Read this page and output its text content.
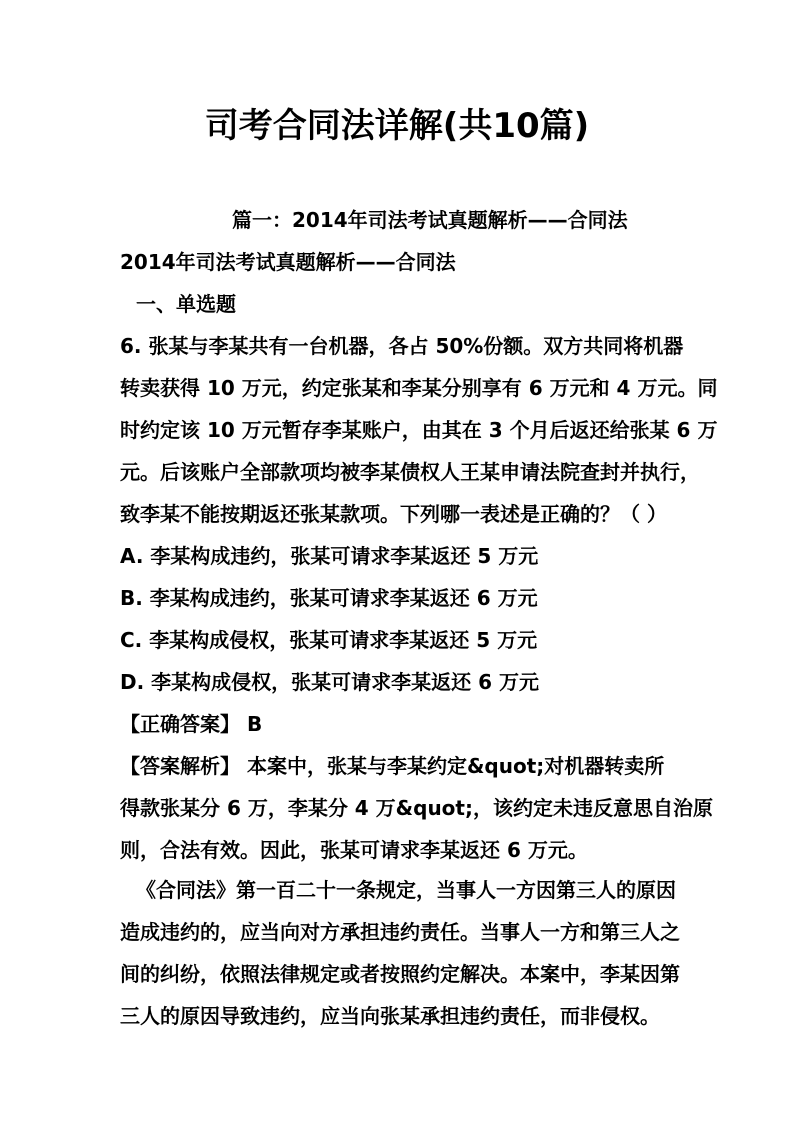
司考合同法详解(共10篇)
篇一：2014年司法考试真题解析——合同法
2014年司法考试真题解析——合同法
一、单选题
6. 张某与李某共有一台机器，各占 50%份额。双方共同将机器
转卖获得 10 万元，约定张某和李某分别享有 6 万元和 4 万元。同
时约定该 10 万元暂存李某账户，由其在 3 个月后返还给张某 6 万
元。后该账户全部款项均被李某债权人王某申请法院查封并执行，
致李某不能按期返还张某款项。下列哪一表述是正确的？（ ）
A. 李某构成违约，张某可请求李某返还 5 万元
B. 李某构成违约，张某可请求李某返还 6 万元
C. 李某构成侵权，张某可请求李某返还 5 万元
D. 李某构成侵权，张某可请求李某返还 6 万元
【正确答案】 B
【答案解析】 本案中，张某与李某约定&quot;对机器转卖所
得款张某分 6 万，李某分 4 万&quot;，该约定未违反意思自治原
则，合法有效。因此，张某可请求李某返还 6 万元。
《合同法》第一百二十一条规定，当事人一方因第三人的原因
造成违约的，应当向对方承担违约责任。当事人一方和第三人之
间的纠纷，依照法律规定或者按照约定解决。本案中，李某因第
三人的原因导致违约，应当向张某承担违约责任，而非侵权。
